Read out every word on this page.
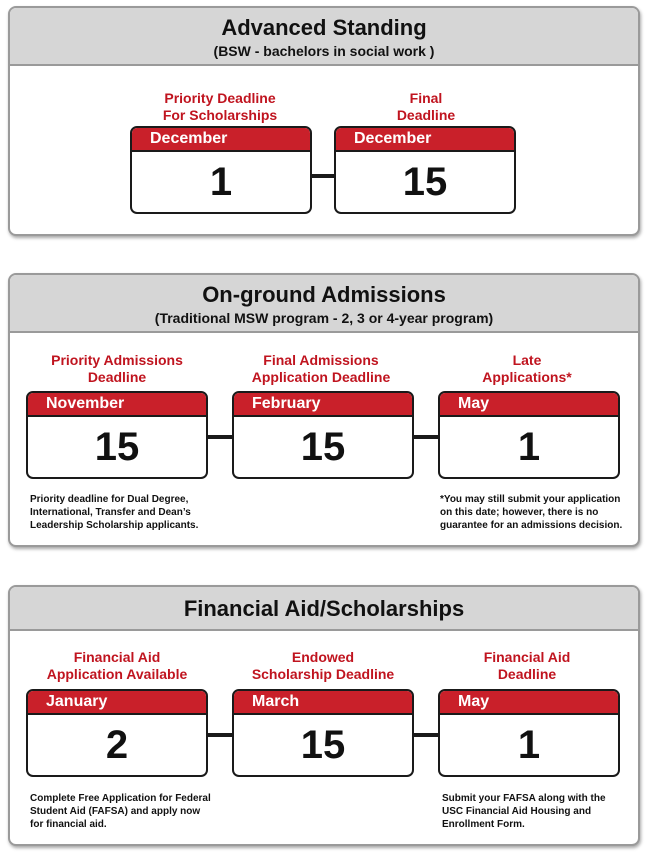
Advanced Standing
(BSW - bachelors in social work )
Priority Deadline
For Scholarships
Final
Deadline
December
1
December
15
On-ground Admissions
(Traditional MSW program - 2, 3 or 4-year program)
Priority Admissions
Deadline
Final Admissions
Application Deadline
Late
Applications*
November
15
February
15
May
1
Priority deadline for Dual Degree,
International, Transfer and Dean’s
Leadership Scholarship applicants.
*You may still submit your application
on this date; however, there is no
guarantee for an admissions decision.
Financial Aid/Scholarships
Financial Aid
Application Available
Endowed
Scholarship Deadline
Financial Aid
Deadline
January
2
March
15
May
1
Complete Free Application for Federal
Student Aid (FAFSA) and apply now
for financial aid.
Submit your FAFSA along with the
USC Financial Aid Housing and
Enrollment Form.
